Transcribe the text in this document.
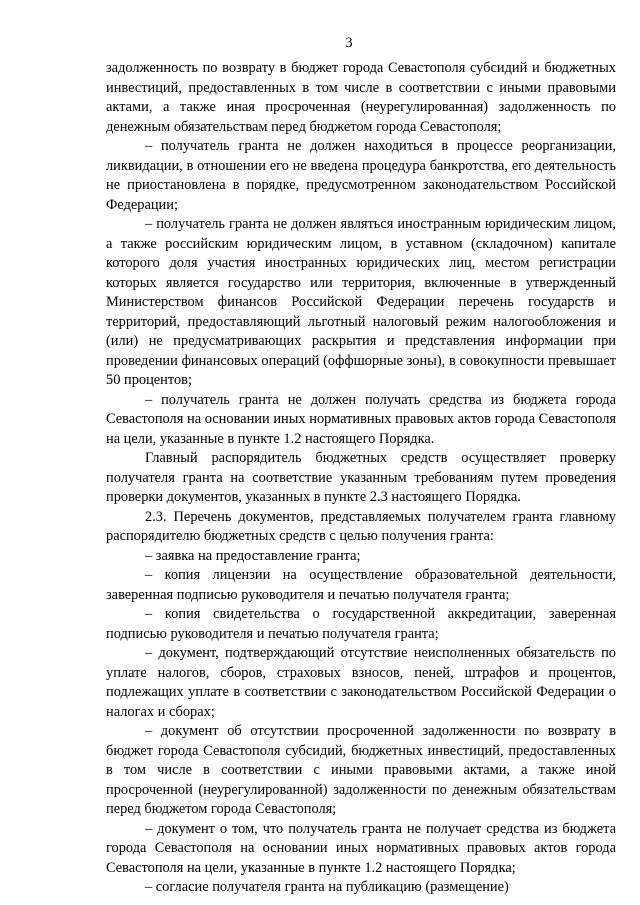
3

задолженность по возврату в бюджет города Севастополя субсидий и бюджетных инвестиций, предоставленных в том числе в соответствии с иными правовыми актами, а также иная просроченная (неурегулированная) задолженность по денежным обязательствам перед бюджетом города Севастополя;

– получатель гранта не должен находиться в процессе реорганизации, ликвидации, в отношении его не введена процедура банкротства, его деятельность не приостановлена в порядке, предусмотренном законодательством Российской Федерации;

– получатель гранта не должен являться иностранным юридическим лицом, а также российским юридическим лицом, в уставном (складочном) капитале которого доля участия иностранных юридических лиц, местом регистрации которых является государство или территория, включенные в утвержденный Министерством финансов Российской Федерации перечень государств и территорий, предоставляющий льготный налоговый режим налогообложения и (или) не предусматривающих раскрытия и представления информации при проведении финансовых операций (оффшорные зоны), в совокупности превышает 50 процентов;

– получатель гранта не должен получать средства из бюджета города Севастополя на основании иных нормативных правовых актов города Севастополя на цели, указанные в пункте 1.2 настоящего Порядка.

Главный распорядитель бюджетных средств осуществляет проверку получателя гранта на соответствие указанным требованиям путем проведения проверки документов, указанных в пункте 2.3 настоящего Порядка.

2.3. Перечень документов, представляемых получателем гранта главному распорядителю бюджетных средств с целью получения гранта:

– заявка на предоставление гранта;

– копия лицензии на осуществление образовательной деятельности, заверенная подписью руководителя и печатью получателя гранта;

– копия свидетельства о государственной аккредитации, заверенная подписью руководителя и печатью получателя гранта;

– документ, подтверждающий отсутствие неисполненных обязательств по уплате налогов, сборов, страховых взносов, пеней, штрафов и процентов, подлежащих уплате в соответствии с законодательством Российской Федерации о налогах и сборах;

– документ об отсутствии просроченной задолженности по возврату в бюджет города Севастополя субсидий, бюджетных инвестиций, предоставленных в том числе в соответствии с иными правовыми актами, а также иной просроченной (неурегулированной) задолженности по денежным обязательствам перед бюджетом города Севастополя;

– документ о том, что получатель гранта не получает средства из бюджета города Севастополя на основании иных нормативных правовых актов города Севастополя на цели, указанные в пункте 1.2 настоящего Порядка;

– согласие получателя гранта на публикацию (размещение)
